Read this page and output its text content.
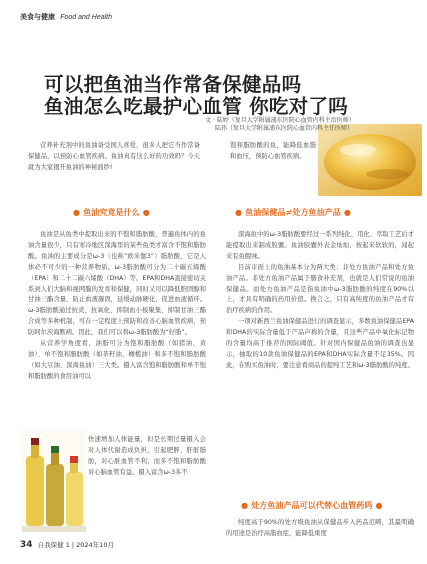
美食与健康 Food and Health
可以把鱼油当作常备保健品吗
鱼油怎么吃最护心血管 你吃对了吗
文 · 陆婷（复旦大学附属浦东医院心血管内科主治医师）
陆玮（复旦大学附属浦东医院心血管内科主任医师）
营养补充剂中的鱼油备受国人喜爱，很多人把它当作常备保健品，以预防心血管疾病。鱼油真有这么好的功效吗？今天就为大家揭开鱼油的神秘面纱!
饱和脂肪酸的鱼，能降低血脂和血压，预防心血管疾病。
● 鱼油究竟是什么 ●

鱼油是从鱼类中提取出来的不饱和脂肪酸，普遍鱼体内的鱼油含量很少，只有寒冷地区深海里的某些鱼类才富含不饱和脂肪酸。鱼油的主要成分是ω-3（也称“欧米伽3”）脂肪酸，它是人体必不可少的一种营养物质。ω-3脂肪酸可分为二十碳五烯酸（EPA）和二十二碳六烯酸（DHA）等。EPA和DHA直接密切关系到人们大脑和视网膜的发育和保健，同时又可以降低胆固醇和甘油三酯含量，防止血液凝固，延缓动脉硬化，促进血液循环。ω-3脂肪酸通过抗炎、抗氧化、抑制血小板聚集、抑制甘油三酯合成等多种机制，可在一定程度上预防和改善心脑血管疾病，预防阿尔茨海默病。因此，我们可以将ω-3脂肪酸为“好脂”。

从营养学角度看，油脂可分为饱和脂肪酸（如猪油、黄油）、单不饱和脂肪酸（如茶籽油、橄榄油）和多不饱和脂肪酸（如大豆油、深海鱼油）三大类。摄入富含饱和脂肪酸和单不饱和脂肪酸的食用油可以

快速增加人体能量，但是长期过量摄入会对人体代谢造成负担，引起肥胖、肝脏脂肪，对心脏血管不利；而多不饱和脂肪酸对心脑血管有益。摄入富含ω-3多不

● 鱼油保健品≠处方鱼油产品 ●

深海鱼中的ω-3脂肪酸要经过一系列纯化、用化、萃取工艺后才能提取出来制成胶囊。鱼油胶囊外表金灿灿，按起来软软的，闻起来有鱼腥味。

目前市面上的鱼油基本分为两大类：非处方鱼油产品和处方鱼油产品。非处方鱼油产品属于膳食补充剂，也就是人们常说的鱼油保健品。而处方鱼油产品是指鱼油中ω-3脂肪酸的纯度在90%以上，才具有明确的药用价值。换言之，只有高纯度的鱼油产品才有治疗疾病的作用。

一项对新西兰鱼油保健品进行的调查显示，多数鱼油保健品EPA和DHA的实际含量低于产品声称的含量，且这些产品中氧化标记物的含量均高于推荐的国际阈值。针对国内保健品鱼油的调查也显示，抽取的10款鱼油保健品的EPA和DHA实际含量不足35%。因此，在购买鱼油时，要注意看商品的提纯工艺和ω-3脂肪酸的纯度。

● 处方鱼油产品可以代替心血管药吗 ●

纯度高于90%的处方级鱼油从保健品步入药品范畴，其最明确的用途是治疗高脂血症，能降低重度

34 自我保健 1 | 2024年10月
